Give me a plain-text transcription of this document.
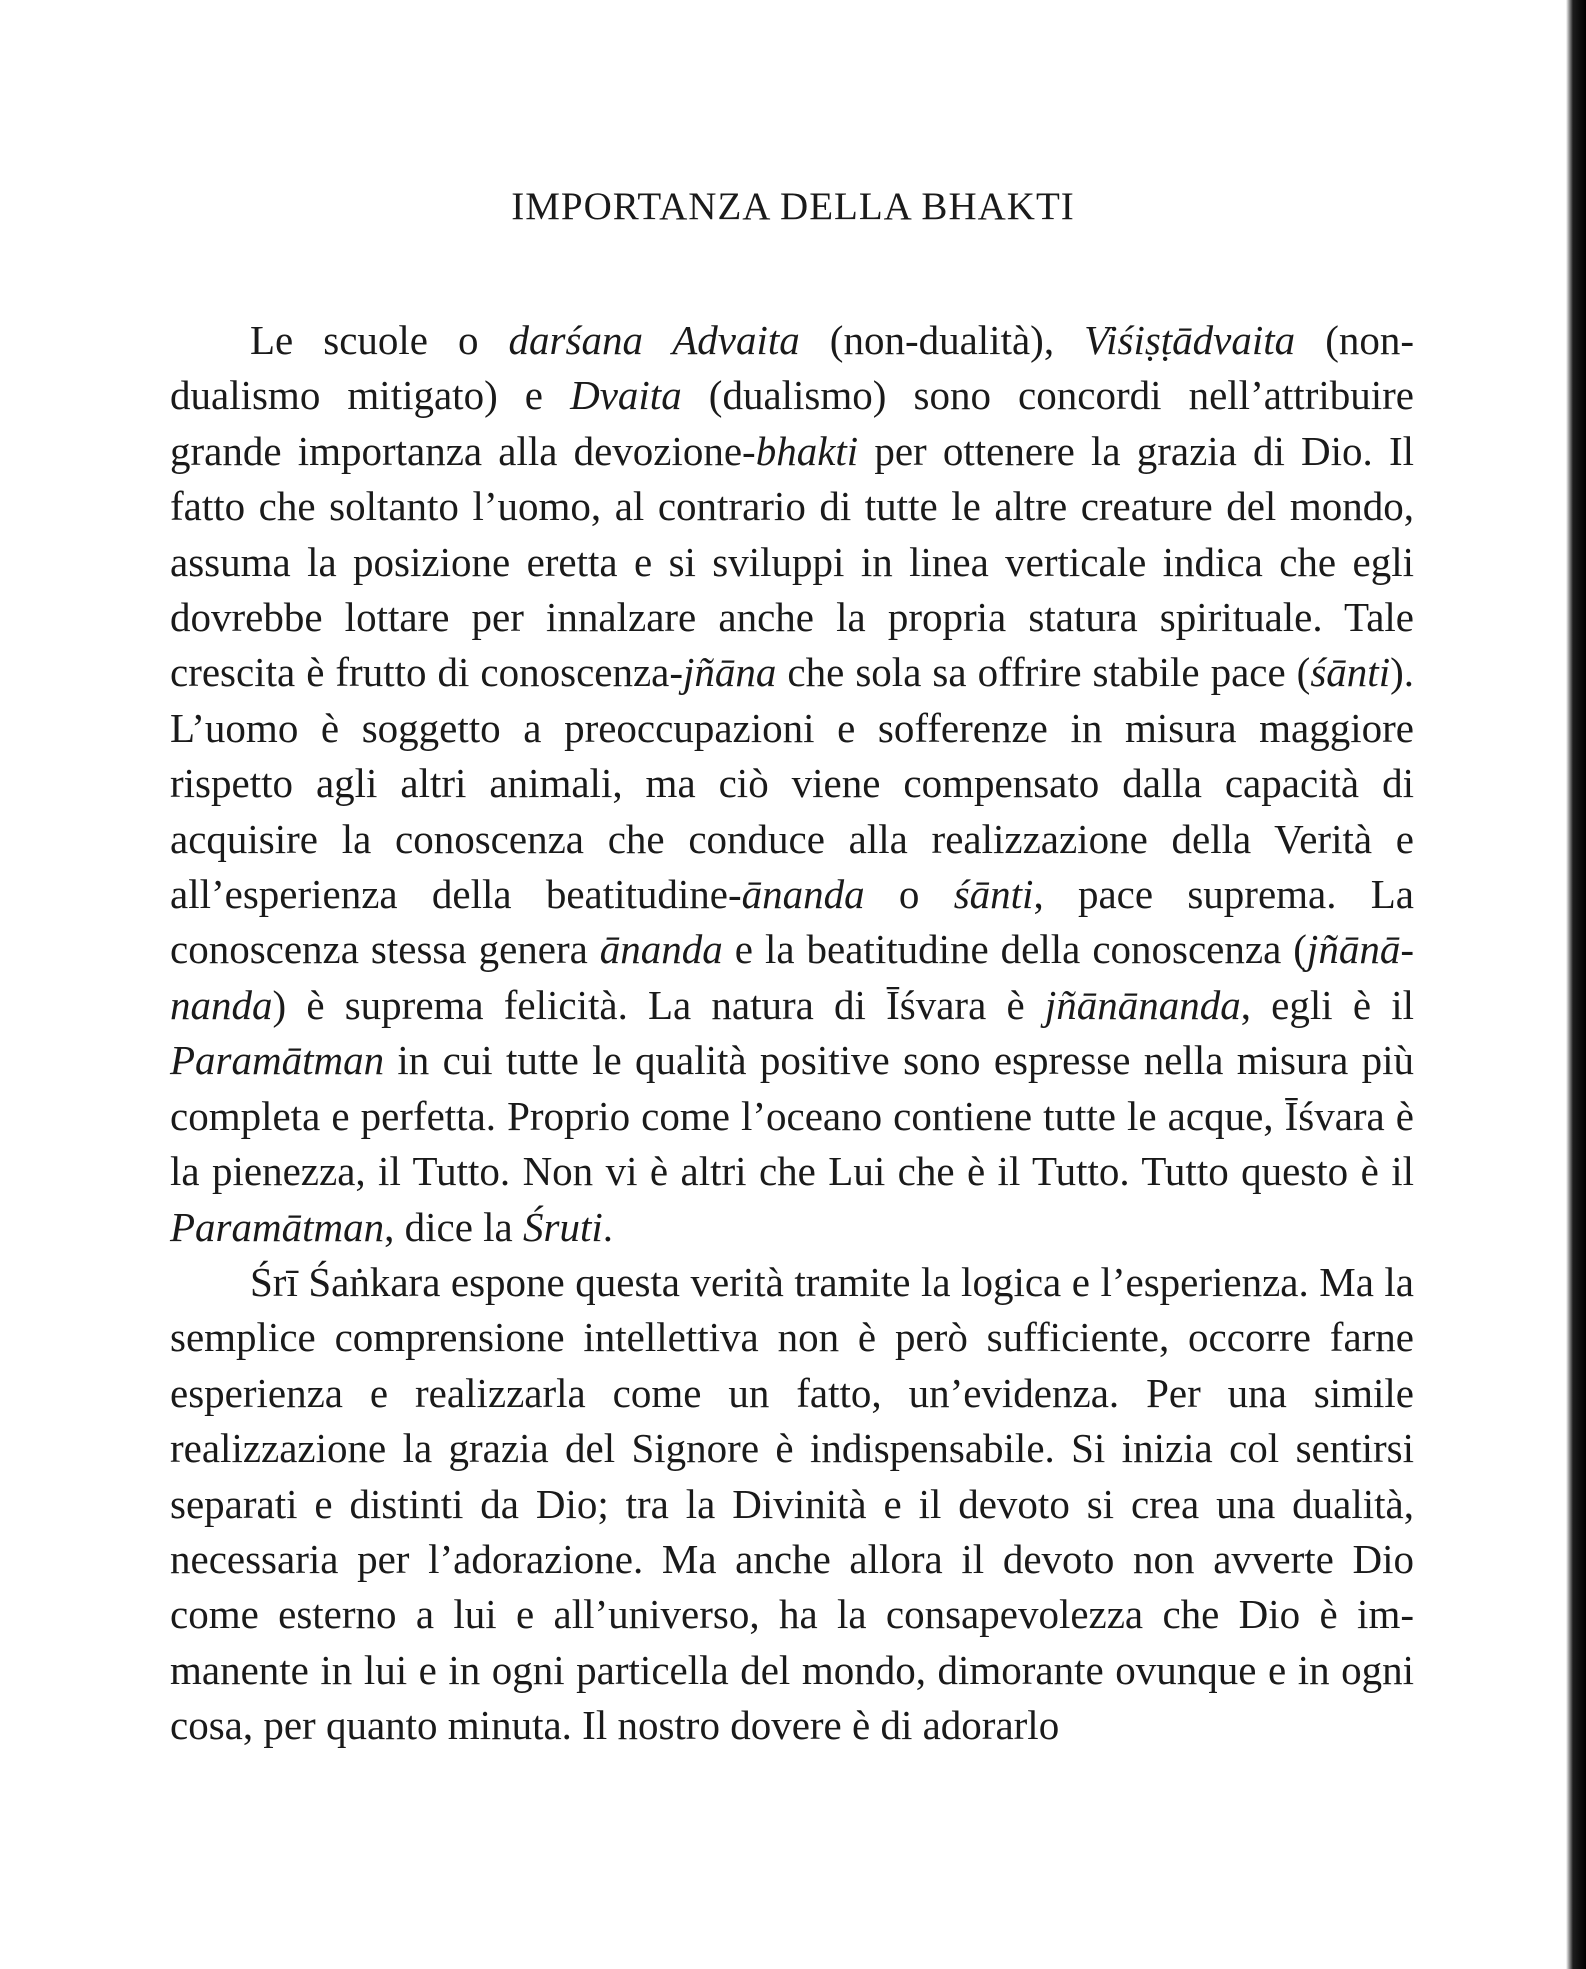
IMPORTANZA DELLA BHAKTI

Le scuole o darśana Advaita (non-dualità), Viśiṣṭādvaita (non-dualismo mitigato) e Dvaita (dualismo) sono concordi nell’attribuire grande importanza alla devozione-bhakti per ottenere la grazia di Dio. Il fatto che soltanto l’uomo, al contrario di tutte le altre creature del mondo, assuma la posizione eretta e si sviluppi in linea verticale indica che egli dovrebbe lottare per innalzare anche la propria statura spirituale. Tale crescita è frutto di conoscenza-jñāna che sola sa offrire stabile pace (śānti). L’uomo è soggetto a preoccupazioni e sofferenze in misura maggiore rispetto agli altri animali, ma ciò viene compensato dalla capacità di acquisire la conoscenza che conduce alla realizzazione della Verità e all’esperienza della beatitudine-ānanda o śānti, pace suprema. La conoscenza stessa genera ānanda e la beatitudine della conoscenza (jñānānanda) è suprema felicità. La natura di Īśvara è jñānānanda, egli è il Paramātman in cui tutte le qualità positive sono espresse nella misura più completa e perfetta. Proprio come l’oceano contiene tutte le acque, Īśvara è la pienezza, il Tutto. Non vi è altri che Lui che è il Tutto. Tutto questo è il Paramātman, dice la Śruti.

Śrī Śaṅkara espone questa verità tramite la logica e l’esperienza. Ma la semplice comprensione intellettiva non è però sufficiente, occorre farne esperienza e realizzarla come un fatto, un’evidenza. Per una simile realizzazione la grazia del Signore è indispensabile. Si inizia col sentirsi separati e distinti da Dio; tra la Divinità e il devoto si crea una dualità, necessaria per l’adorazione. Ma anche allora il devoto non avverte Dio come esterno a lui e all’universo, ha la consapevolezza che Dio è immanente in lui e in ogni particella del mondo, dimorante ovunque e in ogni cosa, per quanto minuta. Il nostro dovere è di adorarlo
